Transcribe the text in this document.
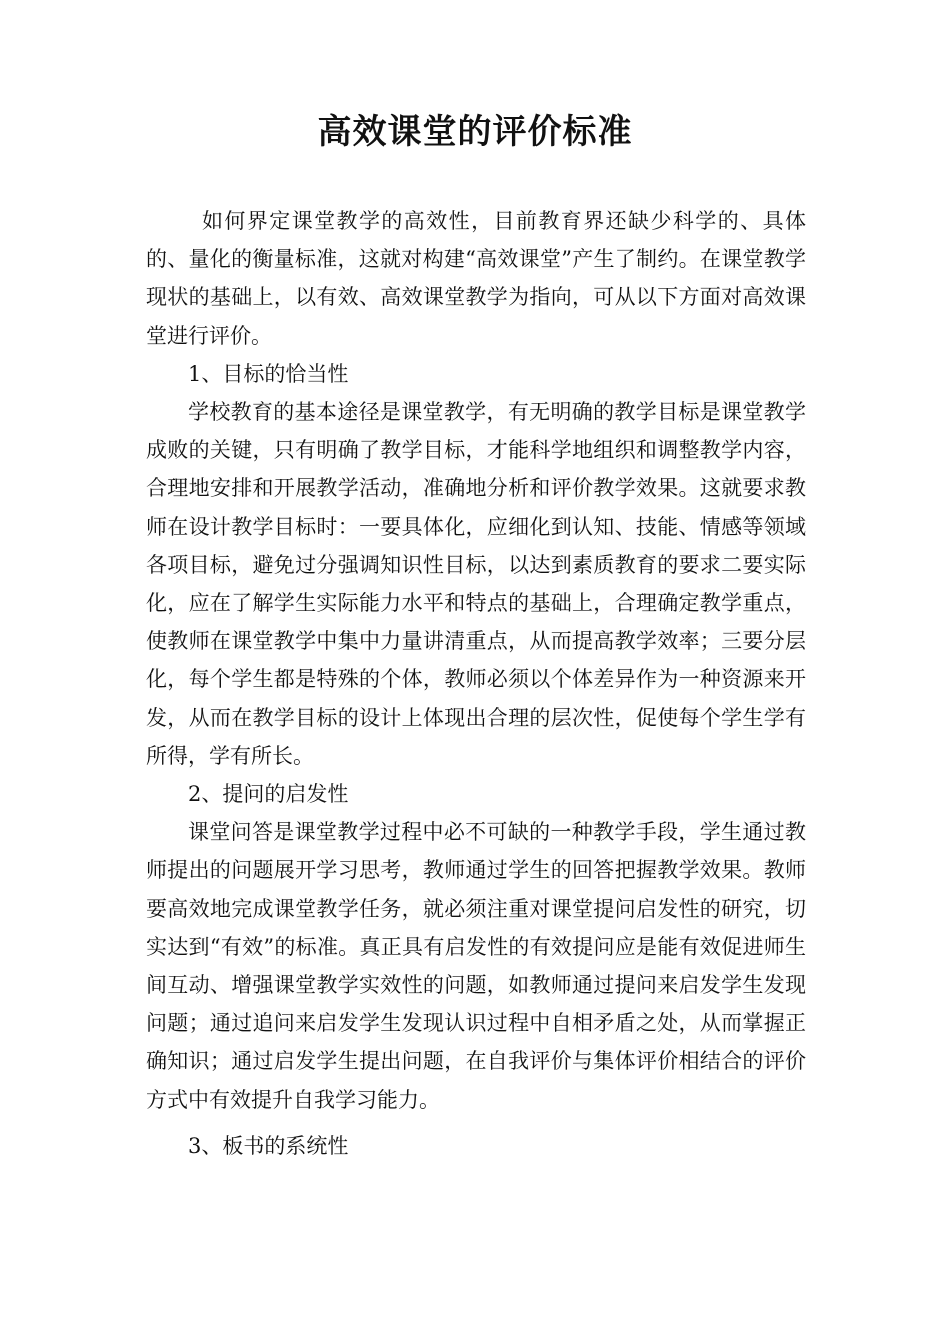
高效课堂的评价标准

如何界定课堂教学的高效性，目前教育界还缺少科学的、具体的、量化的衡量标准，这就对构建“高效课堂”产生了制约。在课堂教学现状的基础上，以有效、高效课堂教学为指向，可从以下方面对高效课堂进行评价。

1、目标的恰当性

学校教育的基本途径是课堂教学，有无明确的教学目标是课堂教学成败的关键，只有明确了教学目标，才能科学地组织和调整教学内容，合理地安排和开展教学活动，准确地分析和评价教学效果。这就要求教师在设计教学目标时：一要具体化，应细化到认知、技能、情感等领域各项目标，避免过分强调知识性目标，以达到素质教育的要求二要实际化，应在了解学生实际能力水平和特点的基础上，合理确定教学重点，使教师在课堂教学中集中力量讲清重点，从而提高教学效率；三要分层化，每个学生都是特殊的个体，教师必须以个体差异作为一种资源来开发，从而在教学目标的设计上体现出合理的层次性，促使每个学生学有所得，学有所长。

2、提问的启发性

课堂问答是课堂教学过程中必不可缺的一种教学手段，学生通过教师提出的问题展开学习思考，教师通过学生的回答把握教学效果。教师要高效地完成课堂教学任务，就必须注重对课堂提问启发性的研究，切实达到“有效”的标准。真正具有启发性的有效提问应是能有效促进师生间互动、增强课堂教学实效性的问题，如教师通过提问来启发学生发现问题；通过追问来启发学生发现认识过程中自相矛盾之处，从而掌握正确知识；通过启发学生提出问题，在自我评价与集体评价相结合的评价方式中有效提升自我学习能力。

3、板书的系统性
